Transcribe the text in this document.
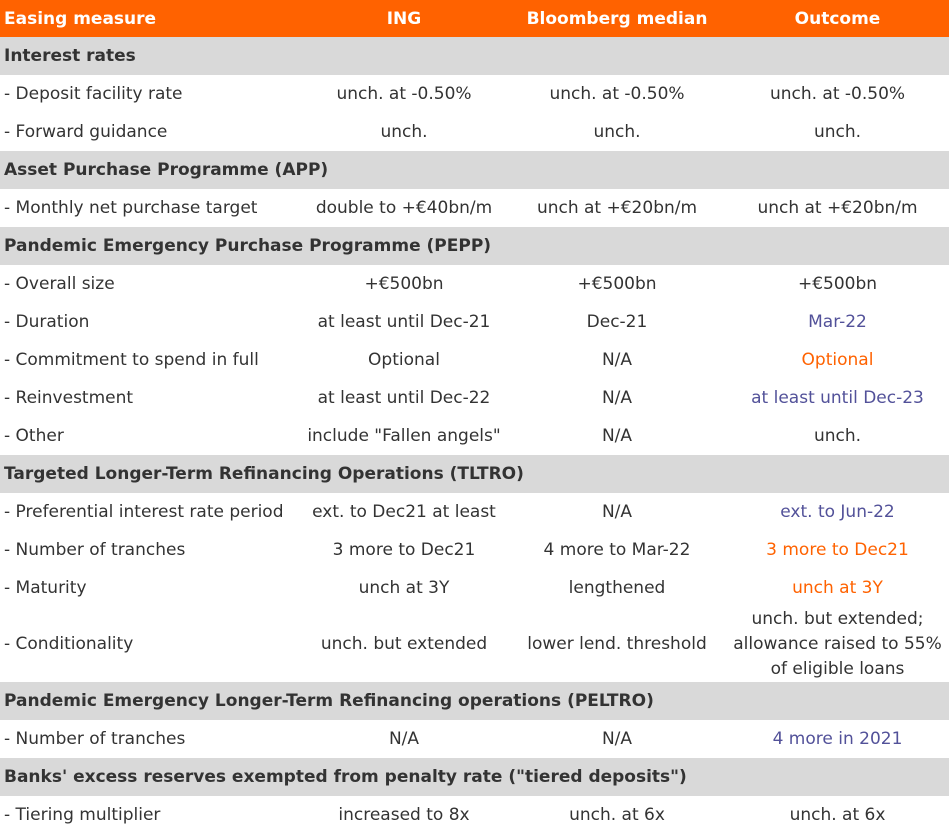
Easing measure	ING	Bloomberg median	Outcome
Interest rates			
- Deposit facility rate	unch. at -0.50%	unch. at -0.50%	unch. at -0.50%
- Forward guidance	unch.	unch.	unch.
Asset Purchase Programme (APP)			
- Monthly net purchase target	double to +€40bn/m	unch at +€20bn/m	unch at +€20bn/m
Pandemic Emergency Purchase Programme (PEPP)			
- Overall size	+€500bn	+€500bn	+€500bn
- Duration	at least until Dec-21	Dec-21	Mar-22
- Commitment to spend in full	Optional	N/A	Optional
- Reinvestment	at least until Dec-22	N/A	at least until Dec-23
- Other	include "Fallen angels"	N/A	unch.
Targeted Longer-Term Refinancing Operations (TLTRO)			
- Preferential interest rate period	ext. to Dec21 at least	N/A	ext. to Jun-22
- Number of tranches	3 more to Dec21	4 more to Mar-22	3 more to Dec21
- Maturity	unch at 3Y	lengthened	unch at 3Y
- Conditionality	unch. but extended	lower lend. threshold	unch. but extended;
allowance raised to 55%
of eligible loans

Pandemic Emergency Longer-Term Refinancing operations (PELTRO)			
- Number of tranches	N/A	N/A	4 more in 2021
Banks' excess reserves exempted from penalty rate ("tiered deposits")			
- Tiering multiplier	increased to 8x	unch. at 6x	unch. at 6x
